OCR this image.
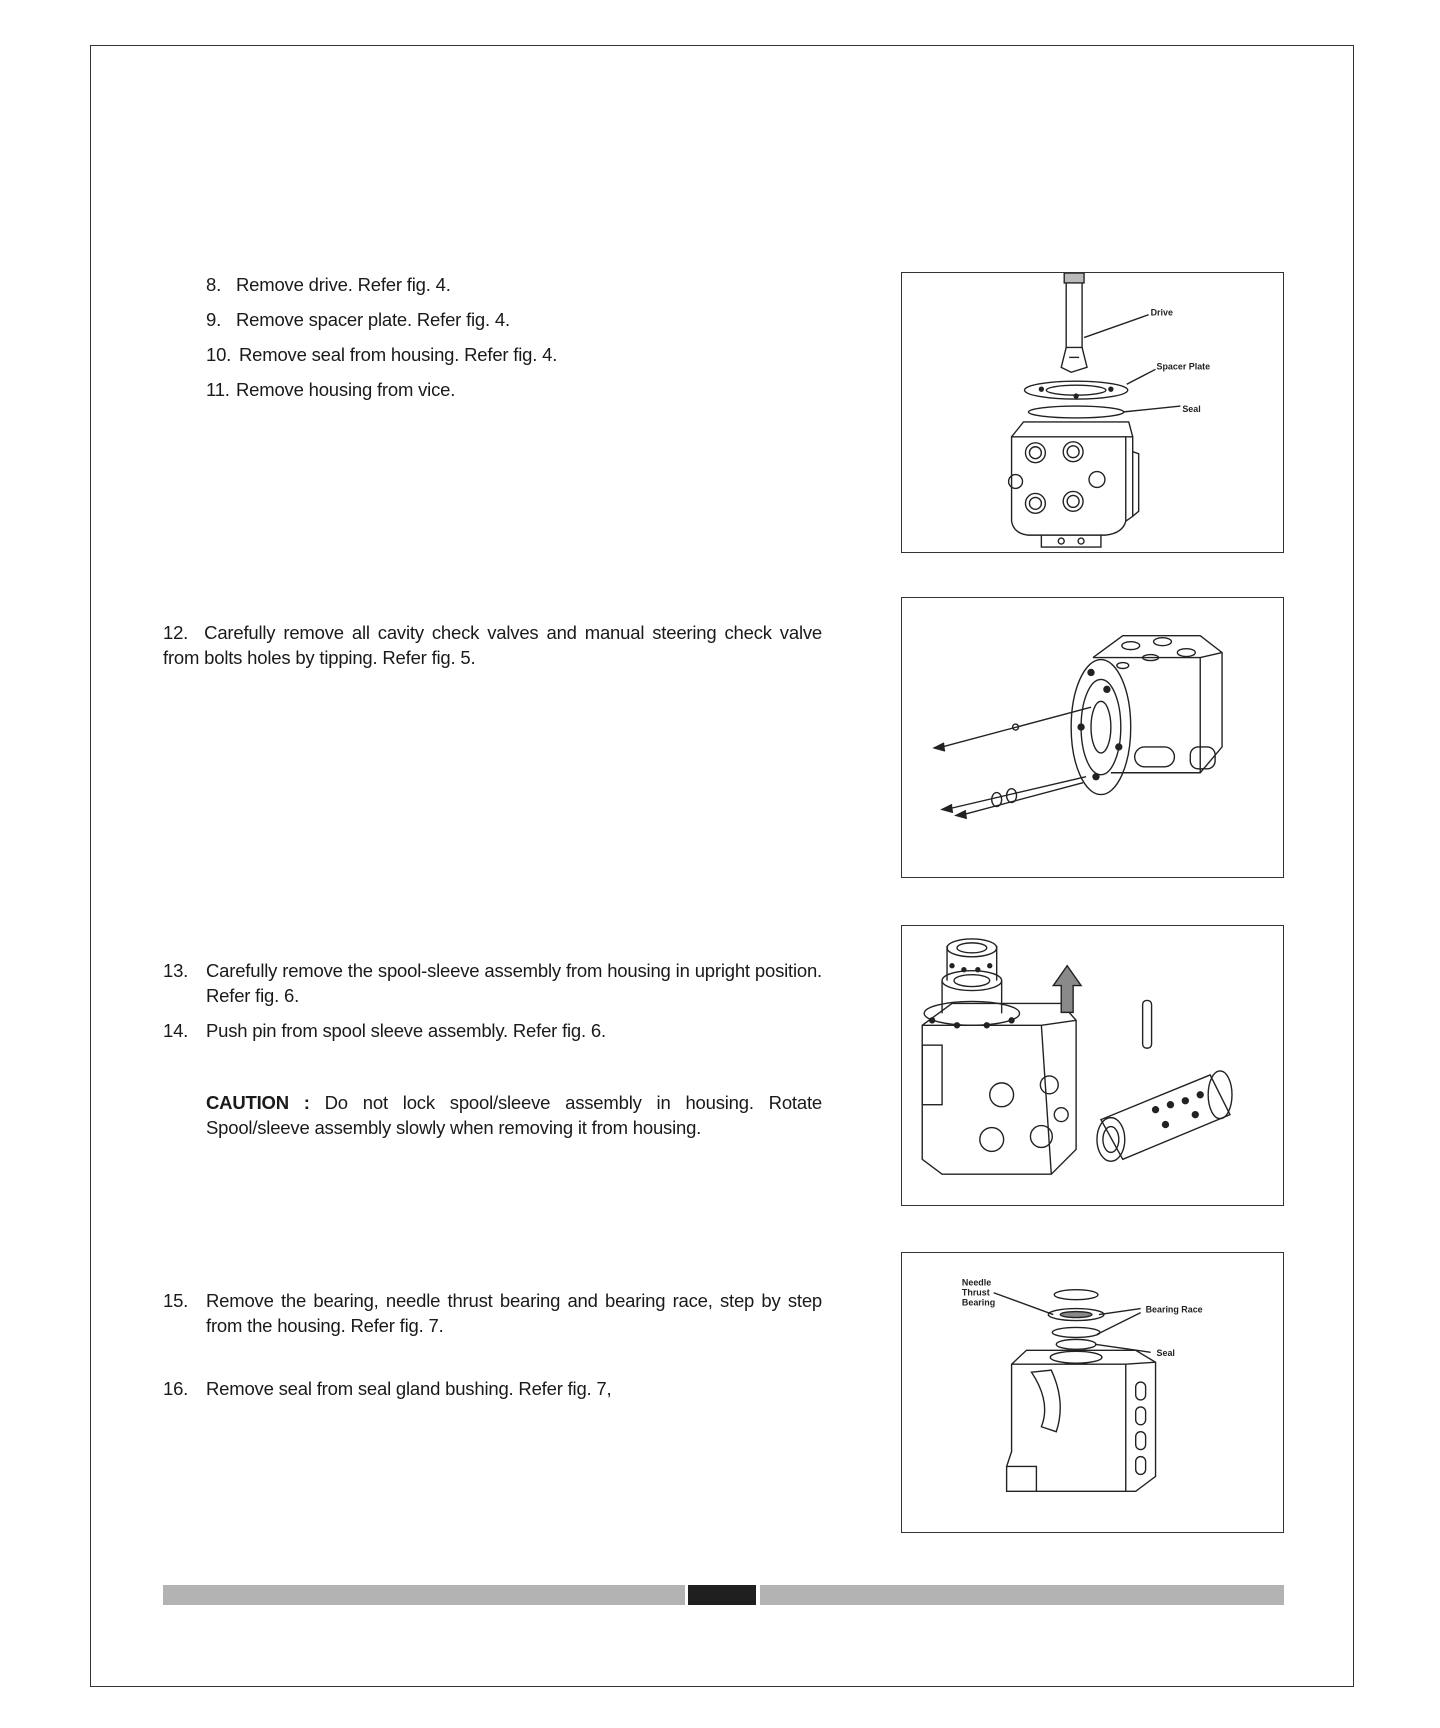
8. Remove drive. Refer fig. 4.
9. Remove spacer plate. Refer fig. 4.
10. Remove seal from housing. Refer fig. 4.
11. Remove housing from vice.
12. Carefully remove all cavity check valves and manual steering check valve from bolts holes by tipping. Refer fig. 5.
13. Carefully remove the spool-sleeve assembly from housing in upright position. Refer fig. 6.
14. Push pin from spool sleeve assembly. Refer fig. 6.
CAUTION : Do not lock spool/sleeve assembly in housing. Rotate Spool/sleeve assembly slowly when removing it from housing.
15. Remove the bearing, needle thrust bearing and bearing race, step by step from the housing. Refer fig. 7.
16. Remove seal from seal gland bushing. Refer fig. 7,
Drive
Spacer Plate
Seal
Needle
Thrust
Bearing
Bearing Race
Seal
